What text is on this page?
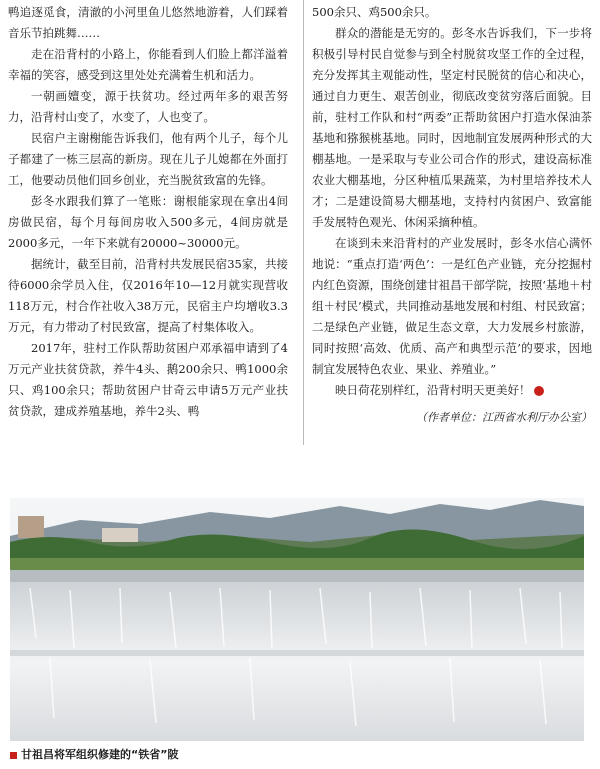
鸭追逐觅食，清澈的小河里鱼儿悠然地游着，人们踩着音乐节拍跳舞……

走在沿背村的小路上，你能看到人们脸上都洋溢着幸福的笑容，感受到这里处处充满着生机和活力。

一朝画嬗变，源于扶贫功。经过两年多的艰苦努力，沿背村山变了，水变了，人也变了。

民宿户主谢榭能告诉我们，他有两个儿子，每个儿子都建了一栋三层高的新房。现在儿子儿媳都在外面打工，他要动员他们回乡创业，充当脱贫致富的先锋。

彭冬水跟我们算了一笔账：谢根能家现在拿出4间房做民宿，每个月每间房收入500多元，4间房就是2000多元，一年下来就有20000~30000元。

据统计，截至目前，沿背村共发展民宿35家，共接待6000余学员入住，仅2016年10—12月就实现营收118万元，村合作社收入38万元，民宿主户均增收3.3万元，有力带动了村民致富，提高了村集体收入。

2017年，驻村工作队帮助贫困户邓承福申请到了4万元产业扶贫贷款，养牛4头、鹅200余只、鸭1000余只、鸡100余只；帮助贫困户甘奇云申请5万元产业扶贫贷款，建成养殖基地，养牛2头、鸭

500余只、鸡500余只。

群众的潜能是无穷的。彭冬水告诉我们，下一步将积极引导村民自觉参与到全村脱贫攻坚工作的全过程，充分发挥其主观能动性，坚定村民脱贫的信心和决心，通过自力更生、艰苦创业，彻底改变贫穷落后面貌。目前，驻村工作队和村“两委”正帮助贫困户打造水保油茶基地和猕猴桃基地。同时，因地制宜发展两种形式的大棚基地。一是采取与专业公司合作的形式，建设高标准农业大棚基地，分区种植瓜果蔬菜，为村里培养技术人才；二是建设简易大棚基地，支持村内贫困户、致富能手发展特色观光、休闲采摘种植。

在谈到未来沿背村的产业发展时，彭冬水信心满怀地说：“重点打造‘两色’：一是红色产业链，充分挖掘村内红色资源，围绕创建甘祖昌干部学院，按照‘基地＋村组＋村民’模式，共同推动基地发展和村组、村民致富；二是绿色产业链，做足生态文章，大力发展乡村旅游，同时按照‘高效、优质、高产和典型示范’的要求，因地制宜发展特色农业、果业、养殖业。”

映日荷花别样红，沿背村明天更美好！

（作者单位：江西省水利厅办公室）
甘祖昌将军组织修建的“铁省”陂
